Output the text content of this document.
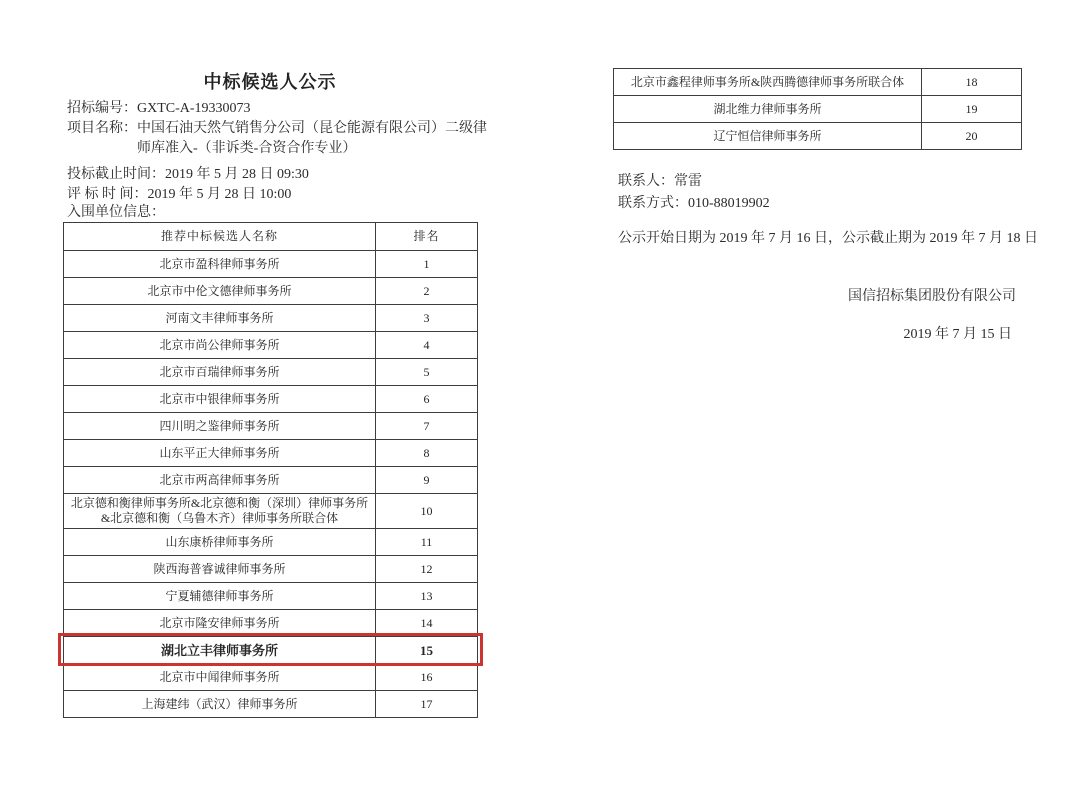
中标候选人公示
招标编号：GXTC-A-19330073
项目名称： 中国石油天然气销售分公司（昆仑能源有限公司）二级律师库准入-（非诉类-合资合作专业）
投标截止时间：2019 年 5 月 28 日 09:30
评 标 时 间：2019 年 5 月 28 日 10:00
入围单位信息：
推荐中标候选人名称	排名
北京市盈科律师事务所	1
北京市中伦文德律师事务所	2
河南文丰律师事务所	3
北京市尚公律师事务所	4
北京市百瑞律师事务所	5
北京市中银律师事务所	6
四川明之鉴律师事务所	7
山东平正大律师事务所	8
北京市两高律师事务所	9
北京德和衡律师事务所&北京德和衡（深圳）律师事务所&北京德和衡（乌鲁木齐）律师事务所联合体	10
山东康桥律师事务所	11
陕西海普睿诚律师事务所	12
宁夏辅德律师事务所	13
北京市隆安律师事务所	14
湖北立丰律师事务所	15
北京市中闻律师事务所	16
上海建纬（武汉）律师事务所	17
北京市鑫程律师事务所&陕西腾德律师事务所联合体	18
湖北维力律师事务所	19
辽宁恒信律师事务所	20
联系人：常雷
联系方式：010-88019902
公示开始日期为 2019 年 7 月 16 日，公示截止期为 2019 年 7 月 18 日
国信招标集团股份有限公司
2019 年 7 月 15 日
